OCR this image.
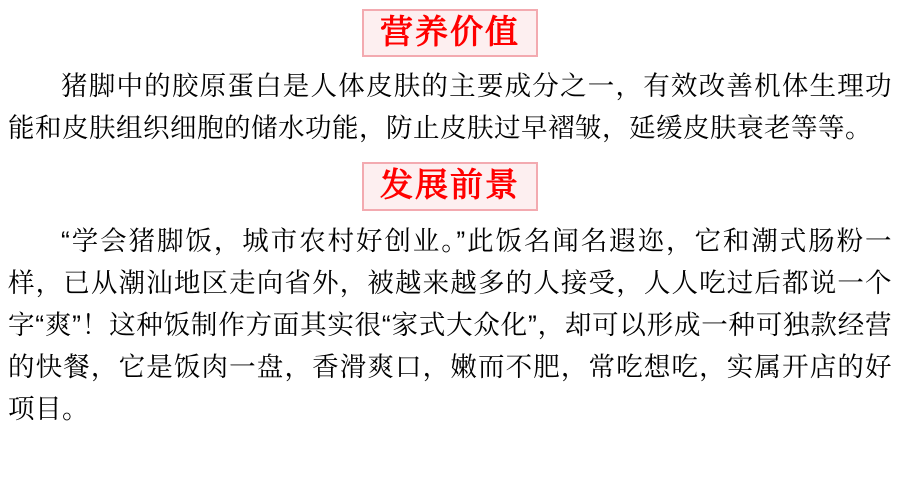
营养价值

猪脚中的胶原蛋白是人体皮肤的主要成分之一，有效改善机体生理功能和皮肤组织细胞的储水功能，防止皮肤过早褶皱，延缓皮肤衰老等等。

发展前景

“学会猪脚饭，城市农村好创业。”此饭名闻名遐迩，它和潮式肠粉一样，已从潮汕地区走向省外，被越来越多的人接受，人人吃过后都说一个字“爽”！这种饭制作方面其实很“家式大众化”，却可以形成一种可独款经营的快餐，它是饭肉一盘，香滑爽口，嫩而不肥，常吃想吃，实属开店的好项目。
